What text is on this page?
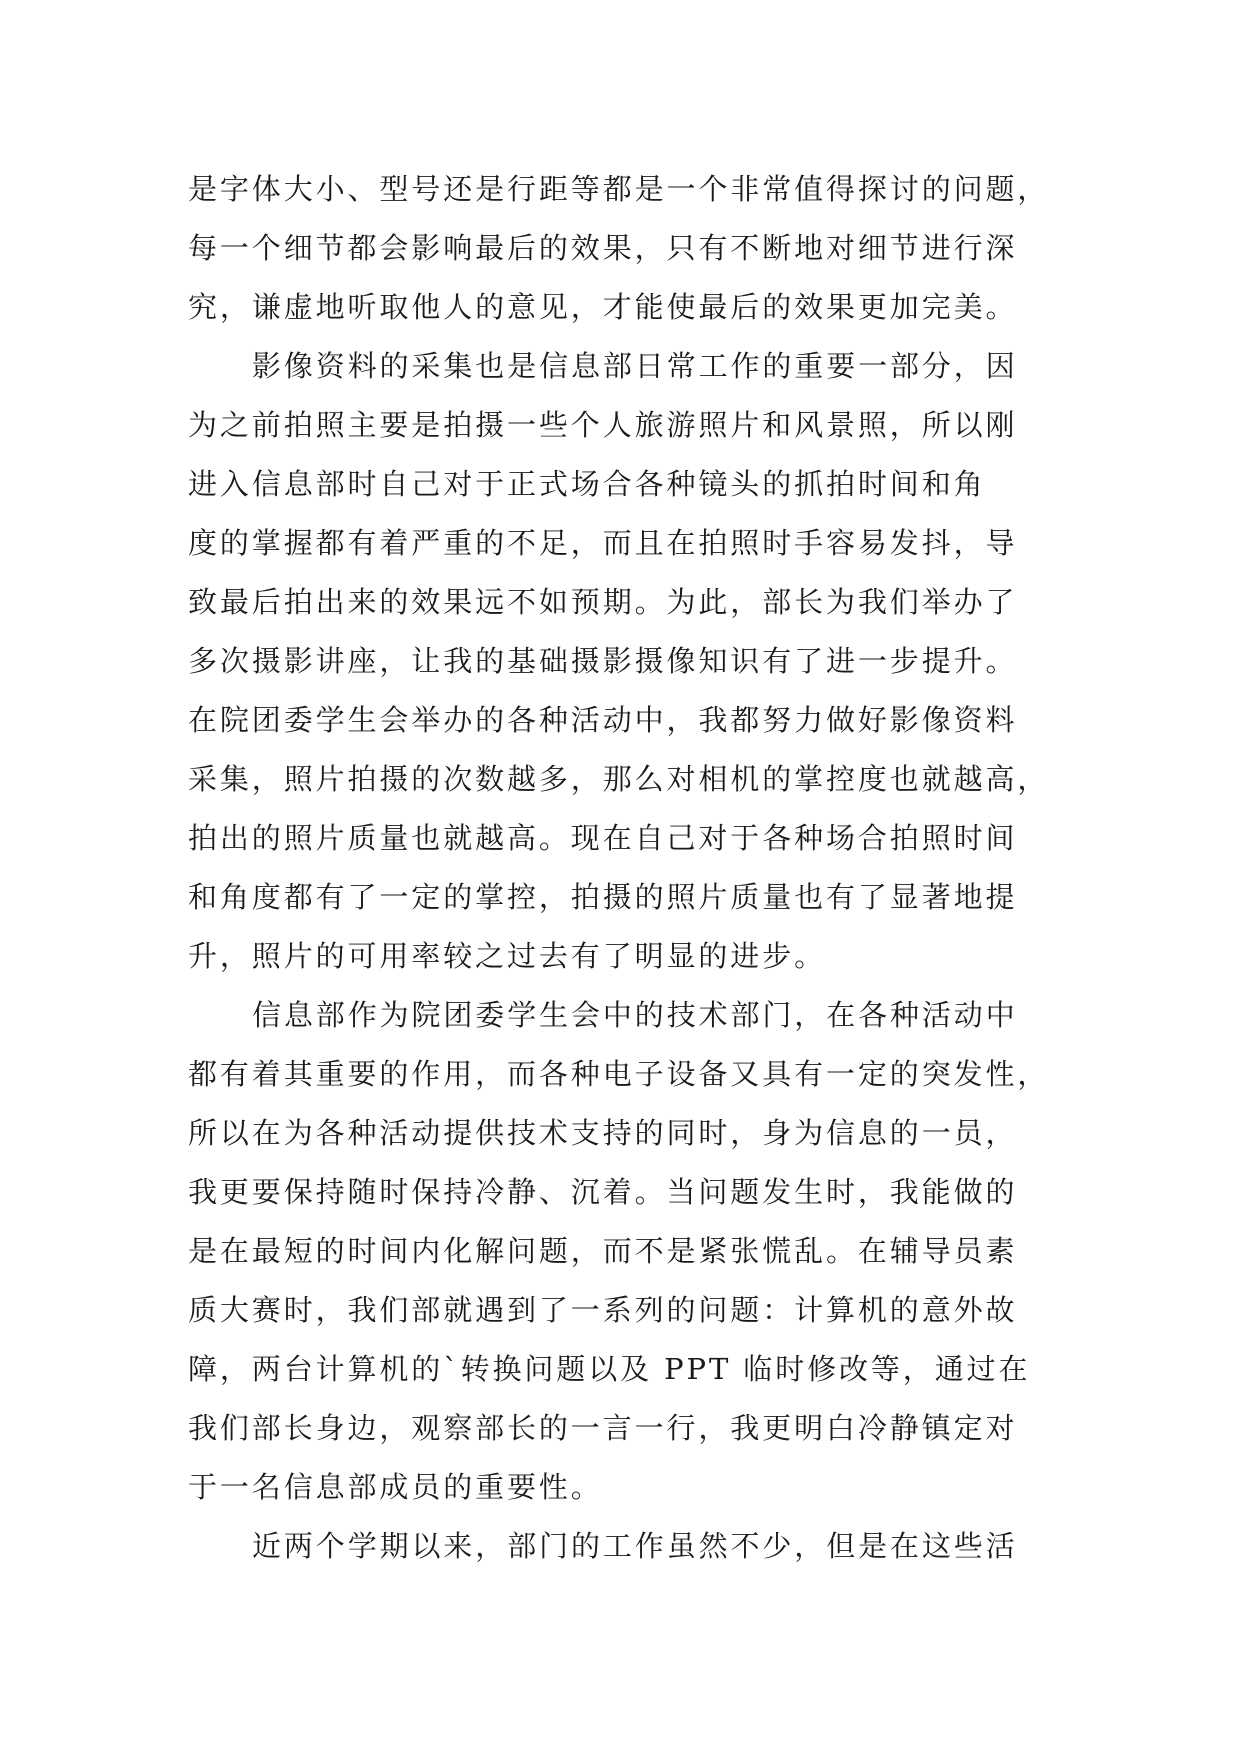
是字体大小、型号还是行距等都是一个非常值得探讨的问题，
每一个细节都会影响最后的效果，只有不断地对细节进行深
究，谦虚地听取他人的意见，才能使最后的效果更加完美。
影像资料的采集也是信息部日常工作的重要一部分，因
为之前拍照主要是拍摄一些个人旅游照片和风景照，所以刚
进入信息部时自己对于正式场合各种镜头的抓拍时间和角
度的掌握都有着严重的不足，而且在拍照时手容易发抖，导
致最后拍出来的效果远不如预期。为此，部长为我们举办了
多次摄影讲座，让我的基础摄影摄像知识有了进一步提升。
在院团委学生会举办的各种活动中，我都努力做好影像资料
采集，照片拍摄的次数越多，那么对相机的掌控度也就越高，
拍出的照片质量也就越高。现在自己对于各种场合拍照时间
和角度都有了一定的掌控，拍摄的照片质量也有了显著地提
升，照片的可用率较之过去有了明显的进步。
信息部作为院团委学生会中的技术部门，在各种活动中
都有着其重要的作用，而各种电子设备又具有一定的突发性，
所以在为各种活动提供技术支持的同时，身为信息的一员，
我更要保持随时保持冷静、沉着。当问题发生时，我能做的
是在最短的时间内化解问题，而不是紧张慌乱。在辅导员素
质大赛时，我们部就遇到了一系列的问题：计算机的意外故
障，两台计算机的`转换问题以及 PPT 临时修改等，通过在
我们部长身边，观察部长的一言一行，我更明白冷静镇定对
于一名信息部成员的重要性。
近两个学期以来，部门的工作虽然不少，但是在这些活
